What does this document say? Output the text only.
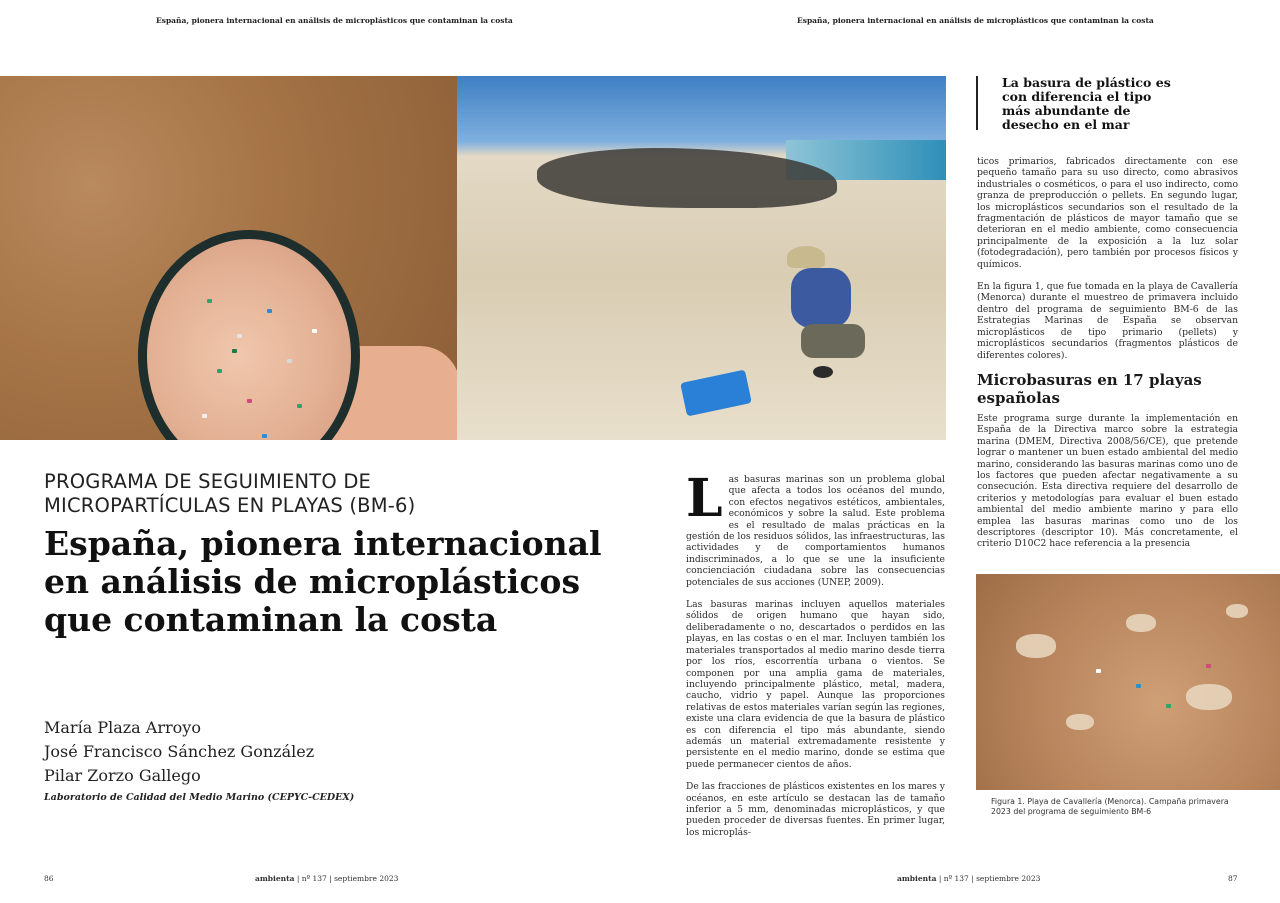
España, pionera internacional en análisis de microplásticos que contaminan la costa	España, pionera internacional en análisis de microplásticos que contaminan la costa
PROGRAMA DE SEGUIMIENTO DE MICROPARTÍCULAS EN PLAYAS (BM-6)
España, pionera internacional en análisis de microplásticos que contaminan la costa
María Plaza Arroyo
José Francisco Sánchez González
Pilar Zorzo Gallego
Laboratorio de Calidad del Medio Marino (CEPYC-CEDEX)

Las basuras marinas son un problema global que afecta a todos los océanos del mundo, con efectos negativos estéticos, ambientales, económicos y sobre la salud. Este problema es el resultado de malas prácticas en la gestión de los residuos sólidos, las infraestructuras, las actividades y de comportamientos humanos indiscriminados, a lo que se une la insuficiente concienciación ciudadana sobre las consecuencias potenciales de sus acciones (UNEP, 2009).

Las basuras marinas incluyen aquellos materiales sólidos de origen humano que hayan sido, deliberadamente o no, descartados o perdidos en las playas, en las costas o en el mar. Incluyen también los materiales transportados al medio marino desde tierra por los ríos, escorrentía urbana o vientos. Se componen por una amplia gama de materiales, incluyendo principalmente plástico, metal, madera, caucho, vidrio y papel. Aunque las proporciones relativas de estos materiales varían según las regiones, existe una clara evidencia de que la basura de plástico es con diferencia el tipo más abundante, siendo además un material extremadamente resistente y persistente en el medio marino, donde se estima que puede permanecer cientos de años.

De las fracciones de plásticos existentes en los mares y océanos, en este artículo se destacan las de tamaño inferior a 5 mm, denominadas microplásticos, y que pueden proceder de diversas fuentes. En primer lugar, los microplás-

La basura de plástico es con diferencia el tipo más abundante de desecho en el mar

ticos primarios, fabricados directamente con ese pequeño tamaño para su uso directo, como abrasivos industriales o cosméticos, o para el uso indirecto, como granza de preproducción o pellets. En segundo lugar, los microplásticos secundarios son el resultado de la fragmentación de plásticos de mayor tamaño que se deterioran en el medio ambiente, como consecuencia principalmente de la exposición a la luz solar (fotodegradación), pero también por procesos físicos y químicos.

En la figura 1, que fue tomada en la playa de Cavallería (Menorca) durante el muestreo de primavera incluido dentro del programa de seguimiento BM-6 de las Estrategias Marinas de España se observan microplásticos de tipo primario (pellets) y microplásticos secundarios (fragmentos plásticos de diferentes colores).

Microbasuras en 17 playas españolas

Este programa surge durante la implementación en España de la Directiva marco sobre la estrategia marina (DMEM, Directiva 2008/56/CE), que pretende lograr o mantener un buen estado ambiental del medio marino, considerando las basuras marinas como uno de los factores que pueden afectar negativamente a su consecución. Esta directiva requiere del desarrollo de criterios y metodologías para evaluar el buen estado ambiental del medio ambiente marino y para ello emplea las basuras marinas como uno de los descriptores (descriptor 10). Más concretamente, el criterio D10C2 hace referencia a la presencia

Figura 1. Playa de Cavallería (Menorca). Campaña primavera 2023 del programa de seguimiento BM-6
86	ambienta | nº 137 | septiembre 2023	ambienta | nº 137 | septiembre 2023	87
